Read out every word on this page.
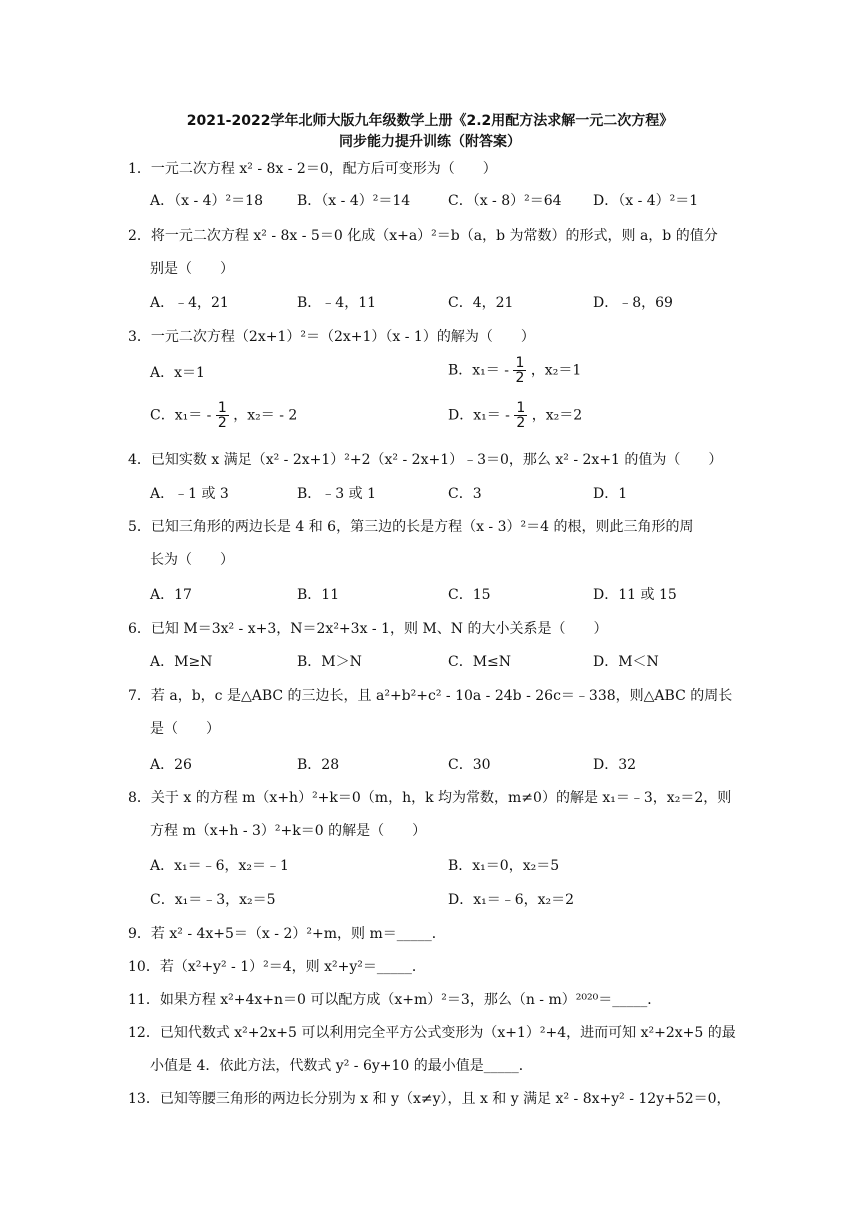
2021-2022学年北师大版九年级数学上册《2.2用配方法求解一元二次方程》
同步能力提升训练（附答案）
1．一元二次方程 x² - 8x - 2＝0，配方后可变形为（　　）
A．（x - 4）²＝18 B．（x - 4）²＝14	C．（x - 8）²＝64 D．（x - 4）²＝1
2．将一元二次方程 x² - 8x - 5＝0 化成（x+a）²＝b（a，b 为常数）的形式，则 a，b 的值分
别是（　　）
A．﹣4，21	B．﹣4，11	C．4，21	D．﹣8，69
3．一元二次方程（2x+1）²＝（2x+1）（x - 1）的解为（　　）
A．x＝1	B．$x_1= - \frac{1}{2}$ ，x₂＝1
C．$x_1= - \frac{1}{2}$ ，x₂＝ - 2	D．$x_1= - \frac{1}{2}$ ，x₂＝2
4．已知实数 x 满足（x² - 2x+1）²+2（x² - 2x+1）﹣3＝0，那么 x² - 2x+1 的值为（　　）
A．﹣1 或 3	B．﹣3 或 1	C．3	D．1
5．已知三角形的两边长是 4 和 6，第三边的长是方程（x - 3）²＝4 的根，则此三角形的周
长为（　　）
A．17	B．11	C．15	D．11 或 15
6．已知 M＝3x² - x+3，N＝2x²+3x - 1，则 M、N 的大小关系是（　　）
A．M≥N	B．M＞N	C．M≤N	D．M＜N
7．若 a，b，c 是△ABC 的三边长，且 a²+b²+c² - 10a - 24b - 26c＝﹣338，则△ABC 的周长
是（　　）
A．26	B．28	C．30	D．32
8．关于 x 的方程 m（x+h）²+k＝0（m，h，k 均为常数，m≠0）的解是 x₁＝﹣3，x₂＝2，则
方程 m（x+h - 3）²+k＝0 的解是（　　）
A．x₁＝﹣6，x₂＝﹣1	B．x₁＝0，x₂＝5
C．x₁＝﹣3，x₂＝5	D．x₁＝﹣6，x₂＝2
9．若 x² - 4x+5＝（x - 2）²+m，则 m＝_____．
10．若（x²+y² - 1）²＝4，则 x²+y²＝_____．
11．如果方程 x²+4x+n＝0 可以配方成（x+m）²＝3，那么（n - m）²⁰²⁰＝_____．
12．已知代数式 x²+2x+5 可以利用完全平方公式变形为（x+1）²+4，进而可知 x²+2x+5 的最
小值是 4．依此方法，代数式 y² - 6y+10 的最小值是_____．
13．已知等腰三角形的两边长分别为 x 和 y（x≠y），且 x 和 y 满足 x² - 8x+y² - 12y+52＝0，
